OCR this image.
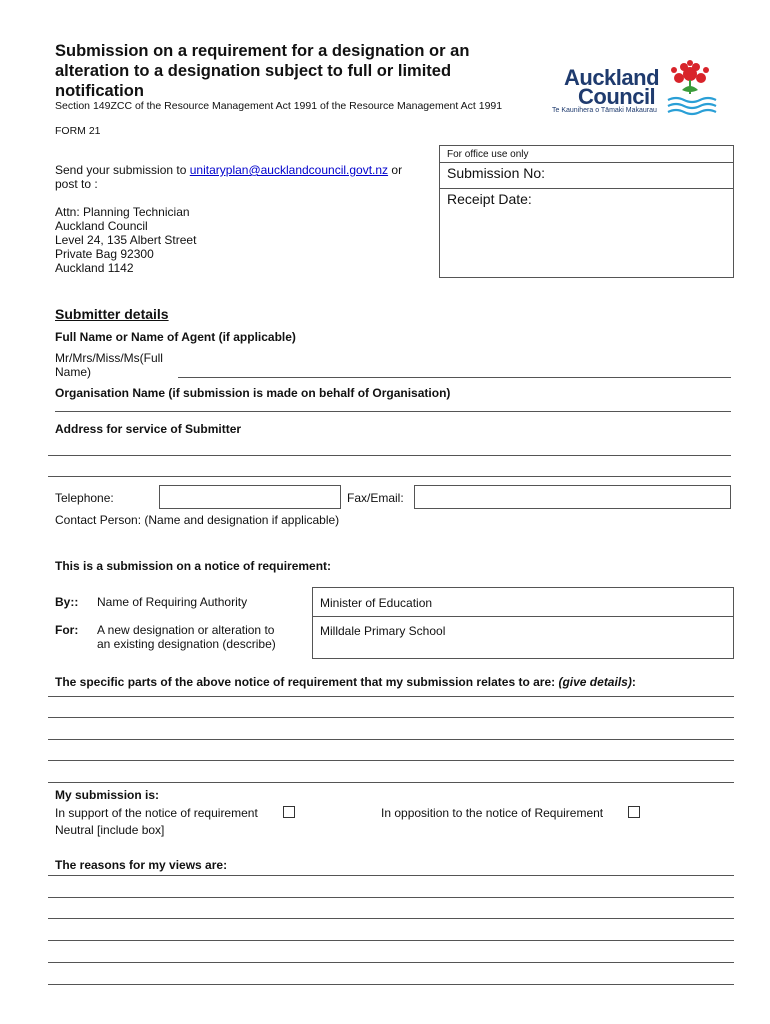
Submission on a requirement for a designation or an alteration to a designation subject to full or limited notification
Section 149ZCC of the Resource Management Act 1991 of the Resource Management Act 1991
FORM 21
Auckland
Council
Te Kaunihera o Tāmaki Makaurau
Send your submission to unitaryplan@aucklandcouncil.govt.nz or
post to :
Attn: Planning Technician
Auckland Council
Level 24, 135 Albert Street
Private Bag 92300
Auckland 1142
For office use only
Submission No:
Receipt Date:
Submitter details
Full Name or Name of Agent (if applicable)
Mr/Mrs/Miss/Ms(Full
Name)
Organisation Name (if submission is made on behalf of Organisation)
Address for service of Submitter
Telephone:	Fax/Email:
Contact Person: (Name and designation if applicable)
This is a submission on a notice of requirement:
By:: Name of Requiring Authority
For: A new designation or alteration to
an existing designation (describe)
Minister of Education
Milldale Primary School
The specific parts of the above notice of requirement that my submission relates to are: (give details):
My submission is:
In support of the notice of requirement	In opposition to the notice of Requirement
Neutral [include box]
The reasons for my views are:
